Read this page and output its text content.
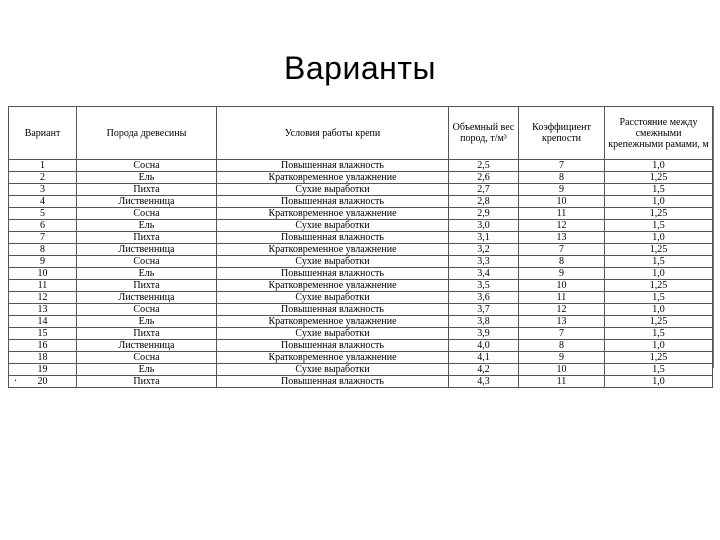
Варианты
Вариант	Порода древесины	Условия работы крепи	Объемный вес пород, т/м³	Коэффициент крепости	Расстояние между смежными крепежными рамами, м
1	Сосна	Повышенная влажность	2,5	7	1,0
2	Ель	Кратковременное увлажнение	2,6	8	1,25
3	Пихта	Сухие выработки	2,7	9	1,5
4	Лиственница	Повышенная влажность	2,8	10	1,0
5	Сосна	Кратковременное увлажнение	2,9	11	1,25
6	Ель	Сухие выработки	3,0	12	1,5
7	Пихта	Повышенная влажность	3,1	13	1,0
8	Лиственница	Кратковременное увлажнение	3,2	7	1,25
9	Сосна	Сухие выработки	3,3	8	1,5
10	Ель	Повышенная влажность	3,4	9	1,0
11	Пихта	Кратковременное увлажнение	3,5	10	1,25
12	Лиственница	Сухие выработки	3,6	11	1,5
13	Сосна	Повышенная влажность	3,7	12	1,0
14	Ель	Кратковременное увлажнение	3,8	13	1,25
15	Пихта	Сухие выработки	3,9	7	1,5
16	Лиственница	Повышенная влажность	4,0	8	1,0
18	Сосна	Кратковременное увлажнение	4,1	9	1,25
19	Ель	Сухие выработки	4,2	10	1,5
20	Пихта	Повышенная влажность	4,3	11	1,0
.
